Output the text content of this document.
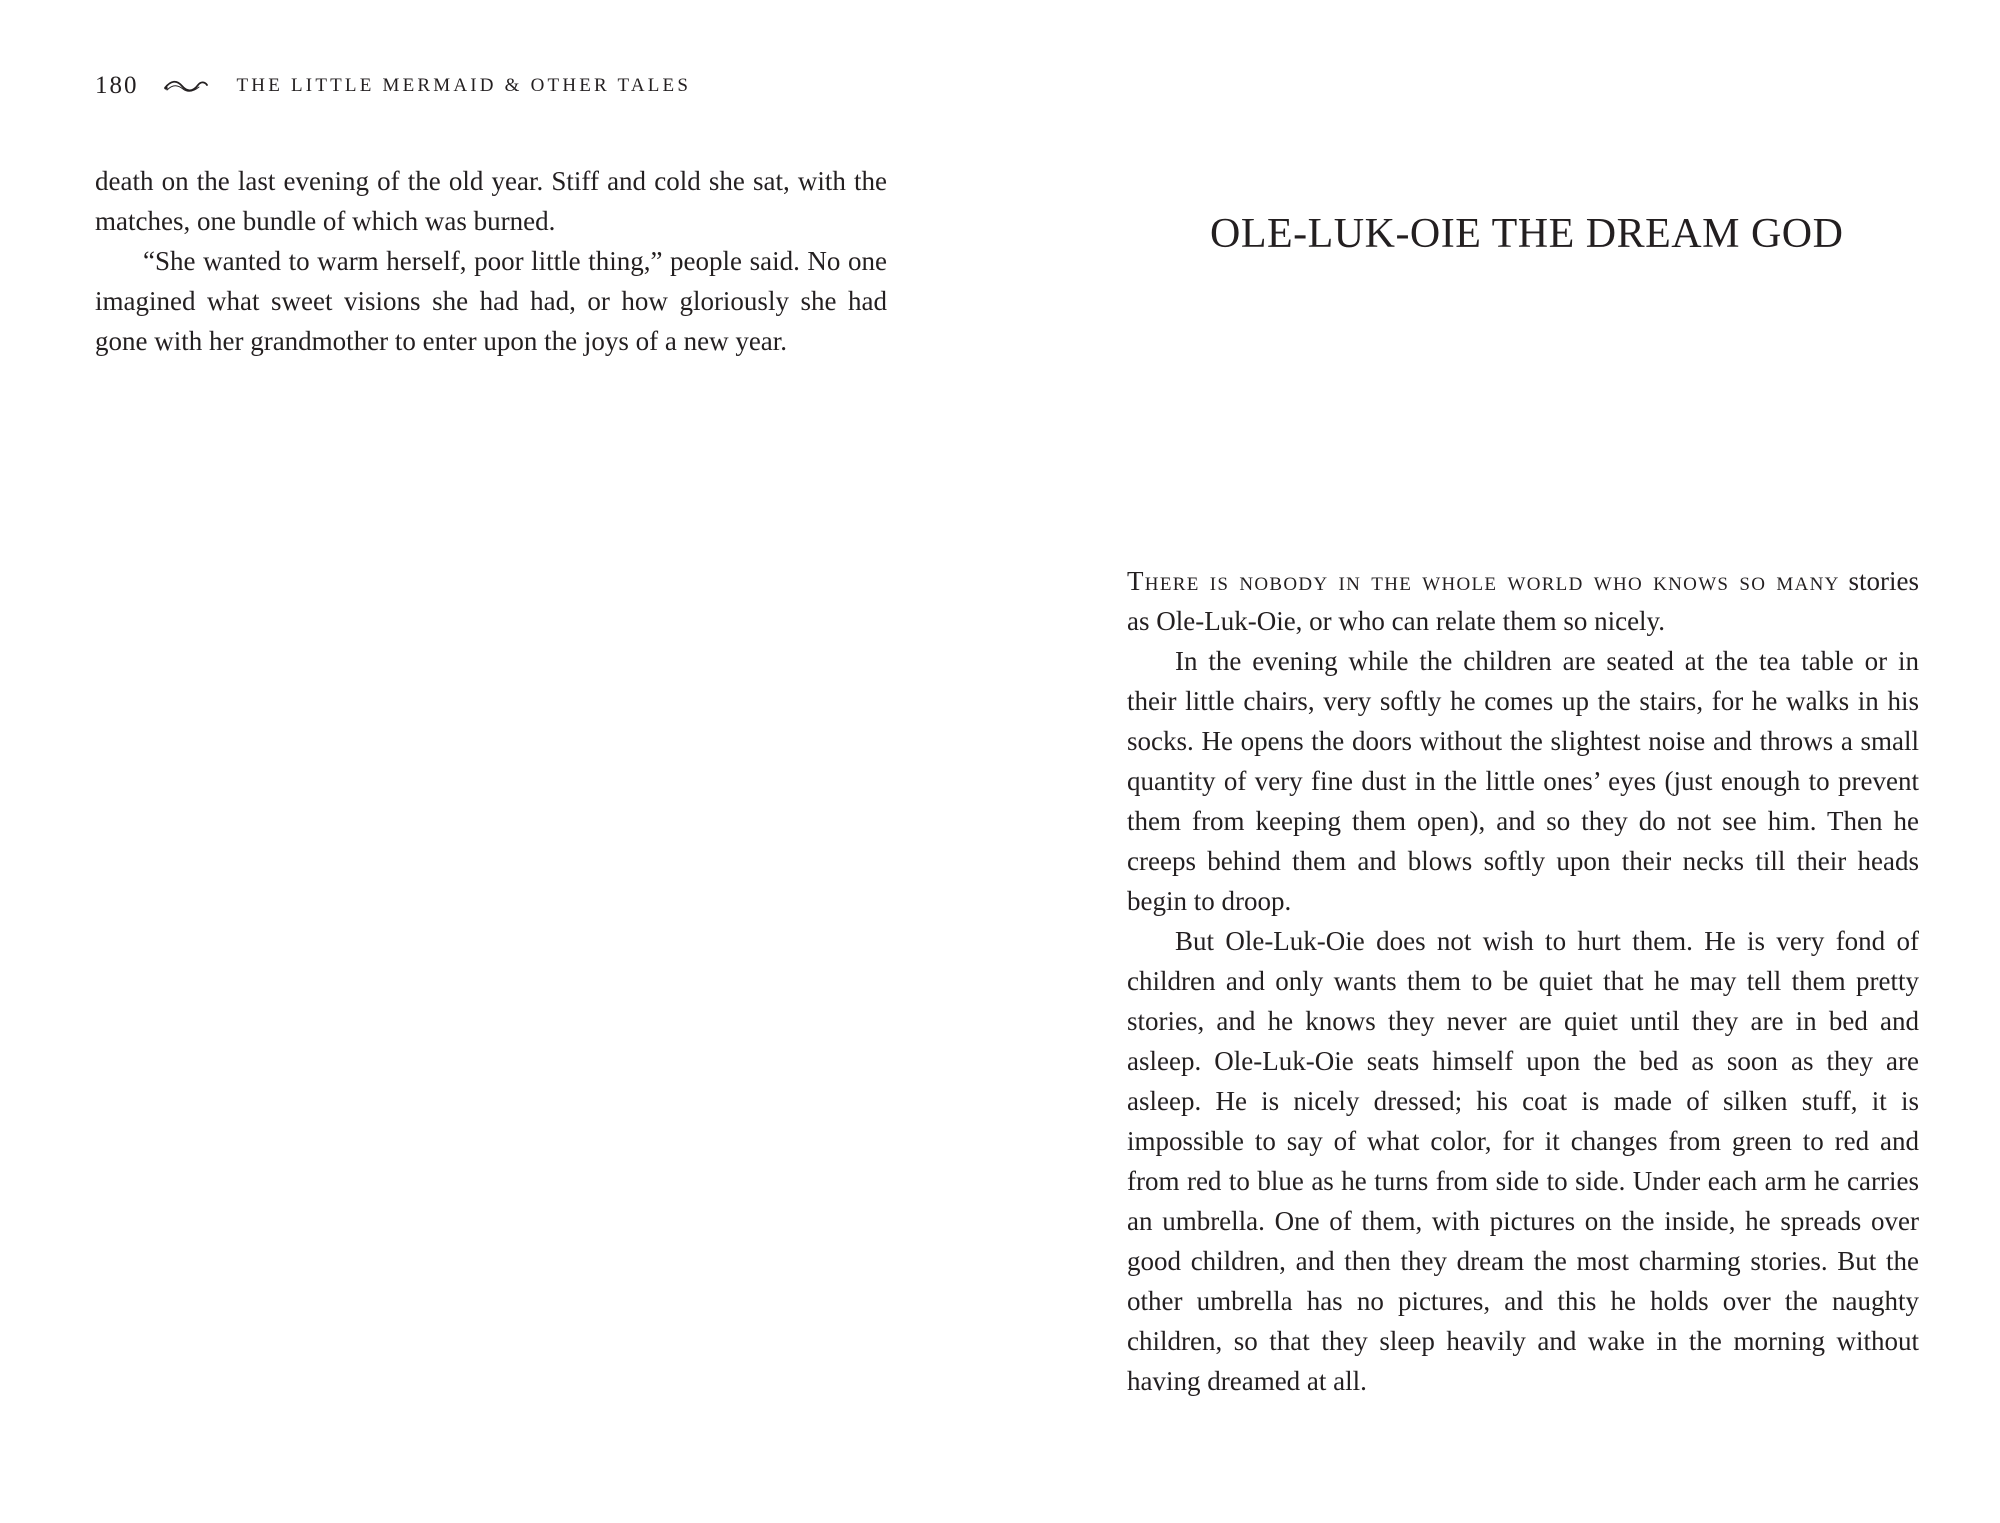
180	THE LITTLE MERMAID & OTHER TALES

death on the last evening of the old year. Stiff and cold she sat, with the matches, one bundle of which was burned.

“She wanted to warm herself, poor little thing,” people said. No one imagined what sweet visions she had had, or how gloriously she had gone with her grandmother to enter upon the joys of a new year.

OLE-LUK-OIE THE DREAM GOD

There is nobody in the whole world who knows so many stories as Ole-Luk-Oie, or who can relate them so nicely.

In the evening while the children are seated at the tea table or in their little chairs, very softly he comes up the stairs, for he walks in his socks. He opens the doors without the slightest noise and throws a small quantity of very fine dust in the little ones’ eyes (just enough to prevent them from keeping them open), and so they do not see him. Then he creeps behind them and blows softly upon their necks till their heads begin to droop.

But Ole-Luk-Oie does not wish to hurt them. He is very fond of children and only wants them to be quiet that he may tell them pretty stories, and he knows they never are quiet until they are in bed and asleep. Ole-Luk-Oie seats himself upon the bed as soon as they are asleep. He is nicely dressed; his coat is made of silken stuff, it is impossible to say of what color, for it changes from green to red and from red to blue as he turns from side to side. Under each arm he carries an umbrella. One of them, with pictures on the inside, he spreads over good children, and then they dream the most charming stories. But the other umbrella has no pictures, and this he holds over the naughty children, so that they sleep heavily and wake in the morning without having dreamed at all.
